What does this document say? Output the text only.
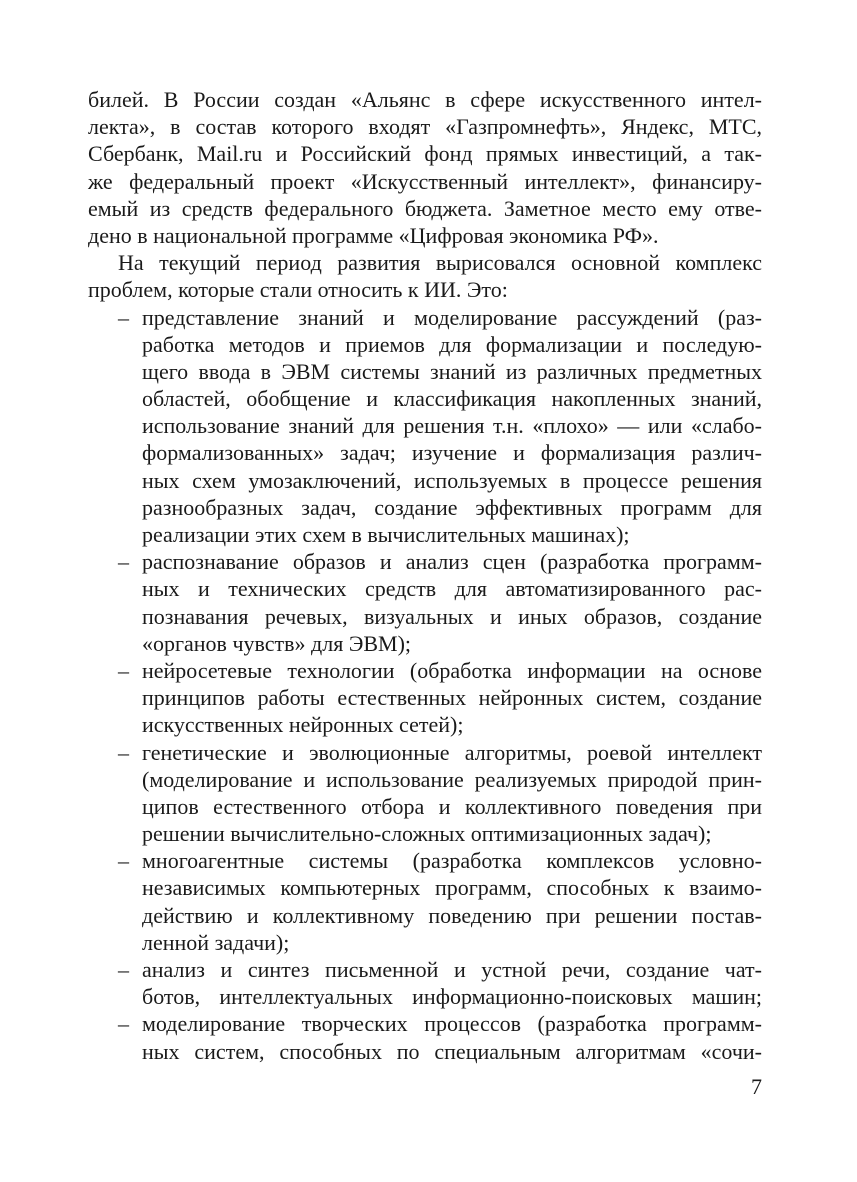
билей. В России создан «Альянс в сфере искусственного интел-
лекта», в состав которого входят «Газпромнефть», Яндекс, МТС,
Сбербанк, Mail.ru и Российский фонд прямых инвестиций, а так-
же федеральный проект «Искусственный интеллект», финансиру-
емый из средств федерального бюджета. Заметное место ему отве-
дено в национальной программе «Цифровая экономика РФ».
На текущий период развития вырисовался основной комплекс
проблем, которые стали относить к ИИ. Это:
– представление знаний и моделирование рассуждений (раз-
работка методов и приемов для формализации и последую-
щего ввода в ЭВМ системы знаний из различных предметных
областей, обобщение и классификация накопленных знаний,
использование знаний для решения т.н. «плохо» — или «слабо-
формализованных» задач; изучение и формализация различ-
ных схем умозаключений, используемых в процессе решения
разнообразных задач, создание эффективных программ для
реализации этих схем в вычислительных машинах);
– распознавание образов и анализ сцен (разработка программ-
ных и технических средств для автоматизированного рас-
познавания речевых, визуальных и иных образов, создание
«органов чувств» для ЭВМ);
– нейросетевые технологии (обработка информации на основе
принципов работы естественных нейронных систем, создание
искусственных нейронных сетей);
– генетические и эволюционные алгоритмы, роевой интеллект
(моделирование и использование реализуемых природой прин-
ципов естественного отбора и коллективного поведения при
решении вычислительно-сложных оптимизационных задач);
– многоагентные системы (разработка комплексов условно-
независимых компьютерных программ, способных к взаимо-
действию и коллективному поведению при решении постав-
ленной задачи);
– анализ и синтез письменной и устной речи, создание чат-
ботов, интеллектуальных информационно-поисковых машин;
– моделирование творческих процессов (разработка программ-
ных систем, способных по специальным алгоритмам «сочи-
7
